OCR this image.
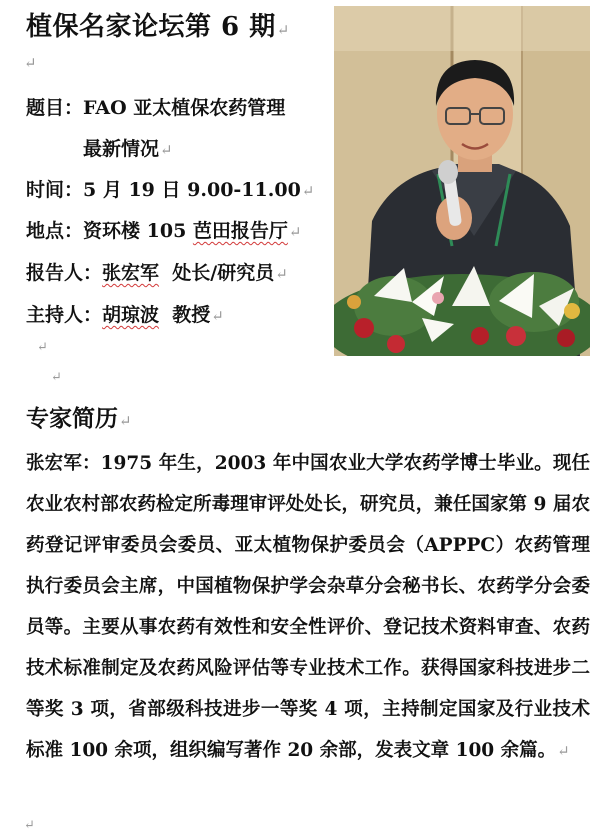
植保名家论坛第 6 期↵
↵
题目：FAO 亚太植保农药管理
最新情况↵
时间：5 月 19 日 9.00-11.00↵
地点：资环楼 105 芭田报告厅↵
报告人：张宏军 处长/研究员↵
主持人：胡琼波 教授↵
↵
↵
专家简历↵
张宏军：1975 年生，2003 年中国农业大学农药学博士毕业。现任农业农村部农药检定所毒理审评处处长，研究员，兼任国家第 9 届农药登记评审委员会委员、亚太植物保护委员会（APPPC）农药管理执行委员会主席，中国植物保护学会杂草分会秘书长、农药学分会委员等。主要从事农药有效性和安全性评价、登记技术资料审查、农药技术标准制定及农药风险评估等专业技术工作。获得国家科技进步二等奖 3 项，省部级科技进步一等奖 4 项，主持制定国家及行业技术标准 100 余项，组织编写著作 20 余部，发表文章 100 余篇。↵
↵
